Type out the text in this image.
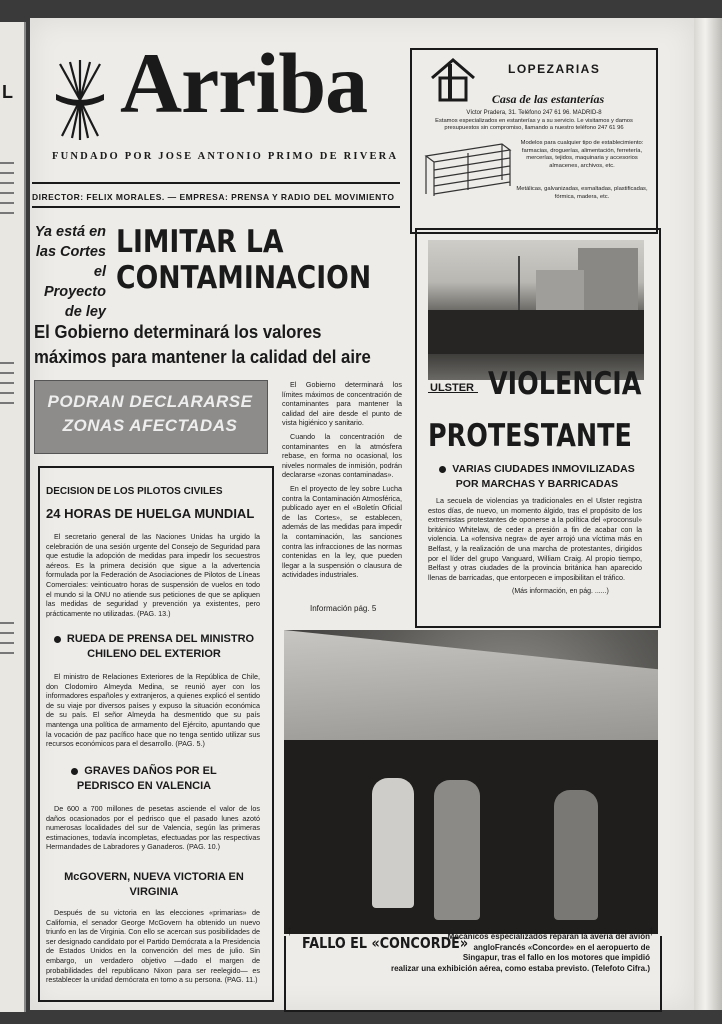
L Arriba
FUNDADO POR JOSE ANTONIO PRIMO DE RIVERA
DIRECTOR: FELIX MORALES. — EMPRESA: PRENSA Y RADIO DEL MOVIMIENTO
Ya está en las Cortes el Proyecto de ley
LIMITAR LA
CONTAMINACION
El Gobierno determinará los valores
máximos para mantener la calidad del aire
PODRAN DECLARARSE
ZONAS AFECTADAS

El Gobierno determinará los límites máximos de concentración de contaminantes para mantener la calidad del aire desde el punto de vista higiénico y sanitario.

Cuando la concentración de contaminantes en la atmósfera rebase, en forma no ocasional, los niveles normales de inmisión, podrán declararse «zonas contaminadas».

En el proyecto de ley sobre Lucha contra la Contaminación Atmosférica, publicado ayer en el «Boletín Oficial de las Cortes», se establecen, además de las medidas para impedir la contaminación, las sanciones contra las infracciones de las normas contenidas en la ley, que pueden llegar a la suspensión o clausura de actividades industriales.

Información pág. 5
DECISION DE LOS PILOTOS CIVILES
24 HORAS DE HUELGA MUNDIAL
El secretario general de las Naciones Unidas ha urgido la celebración de una sesión urgente del Consejo de Seguridad para que estudie la adopción de medidas para impedir los secuestros aéreos. Es la primera decisión que sigue a la advertencia formulada por la Federación de Asociaciones de Pilotos de Líneas Comerciales: veinticuatro horas de suspensión de vuelos en todo el mundo si la ONU no atiende sus peticiones de que se apliquen las medidas de seguridad y prevención ya existentes, pero prácticamente no utilizadas. (PAG. 13.)
RUEDA DE PRENSA DEL MINISTRO CHILENO DEL EXTERIOR
El ministro de Relaciones Exteriores de la República de Chile, don Clodomiro Almeyda Medina, se reunió ayer con los informadores españoles y extranjeros, a quienes explicó el sentido de su viaje por diversos países y expuso la situación económica de su país. El señor Almeyda ha desmentido que su país mantenga una política de armamento del Ejército, apuntando que la vocación de paz pacífico hace que no tenga sentido utilizar sus recursos económicos para el desarrollo. (PAG. 5.)
GRAVES DAÑOS POR EL PEDRISCO EN VALENCIA
De 600 a 700 millones de pesetas asciende el valor de los daños ocasionados por el pedrisco que el pasado lunes azotó numerosas localidades del sur de Valencia, según las primeras estimaciones, todavía incompletas, efectuadas por las respectivas Hermandades de Labradores y Ganaderos. (PAG. 10.)
McGOVERN, NUEVA VICTORIA EN VIRGINIA
Después de su victoria en las elecciones «primarias» de California, el senador George McGovern ha obtenido un nuevo triunfo en las de Virginia. Con ello se acercan sus posibilidades de ser designado candidato por el Partido Demócrata a la Presidencia de Estados Unidos en la convención del mes de julio. Sin embargo, un verdadero objetivo —dado el margen de probabilidades del republicano Nixon para ser reelegido— es restablecer la unidad demócrata en torno a su persona. (PAG. 11.)
LOPEZARIAS
Casa de las estanterías
Víctor Pradera, 31. Teléfono 247 61 96. MADRID-8
Estamos especializados en estanterías y a su servicio. Le visitamos y damos presupuestos sin compromiso, llamando a nuestro teléfono 247 61 96
Modelos para cualquier tipo de establecimiento: farmacias, droguerías, alimentación, ferretería, mercerías, tejidos, maquinaria y accesorios almacenes, archivos, etc.
Metálicas, galvanizadas, esmaltadas, plastificadas, fórmica, madera, etc.
ULSTER VIOLENCIA
PROTESTANTE
VARIAS CIUDADES INMOVILIZADAS POR MARCHAS Y BARRICADAS
La secuela de violencias ya tradicionales en el Ulster registra estos días, de nuevo, un momento álgido, tras el propósito de los extremistas protestantes de oponerse a la política del «proconsul» británico Whitelaw, de ceder a presión a fin de acabar con la violencia. La «ofensiva negra» de ayer arrojó una víctima más en Belfast, y la realización de una marcha de protestantes, dirigidos por el líder del grupo Vanguard, William Craig. Al propio tiempo, Belfast y otras ciudades de la provincia británica han aparecido llenas de barricadas, que entorpecen e imposibilitan el tráfico.
(Más información, en pág. ......)
↑	↑
FALLO EL «CONCORDE»
Mecánicos especializados reparan la avería del avión angloFrancés «Concorde» en el aeropuerto de Singapur, tras el fallo en los motores que impidió realizar una exhibición aérea, como estaba previsto. (Telefoto Cifra.)
